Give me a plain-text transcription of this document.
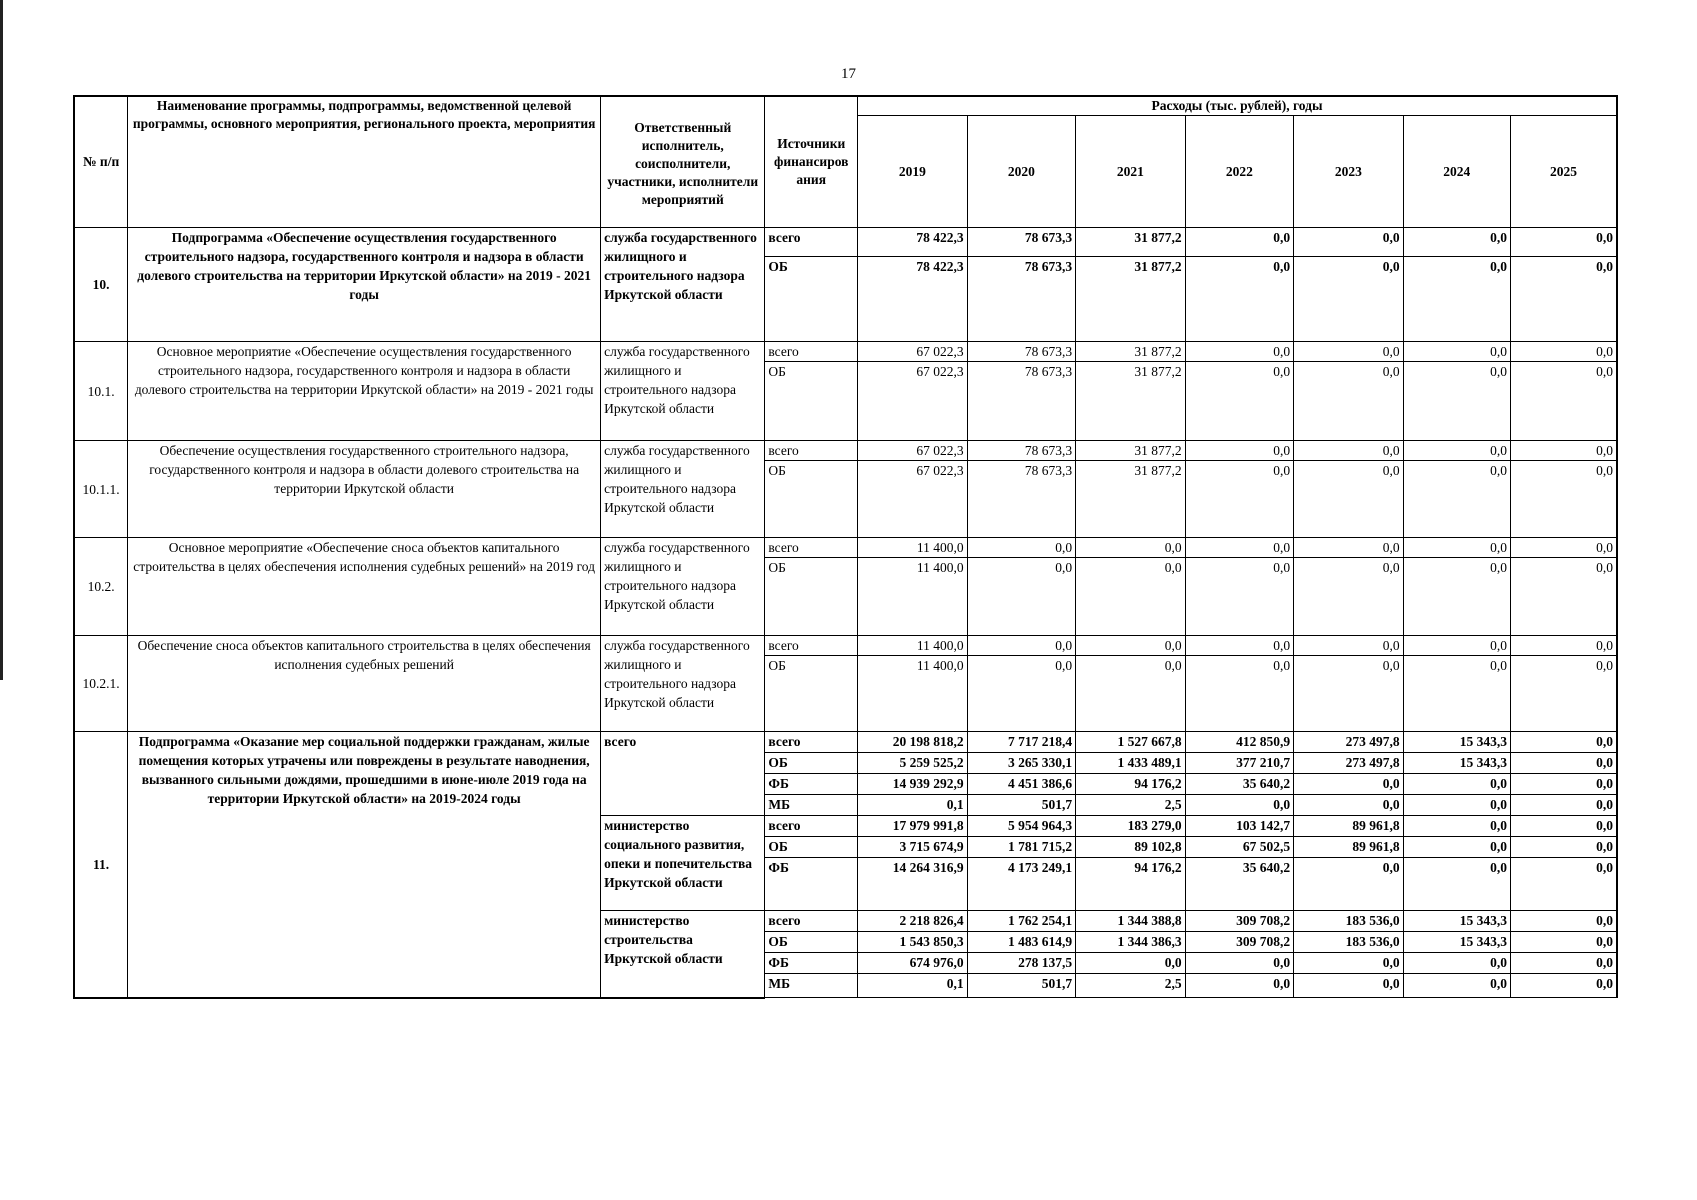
17
№ п/п	Наименование программы, подпрограммы, ведомственной целевой программы, основного мероприятия, регионального проекта, мероприятия	Ответственный исполнитель, соисполнители, участники, исполнители мероприятий	Источники финансиров ания	Расходы (тыс. рублей), годы						
				2019	2020	2021	2022	2023	2024	2025
10.	Подпрограмма «Обеспечение осуществления государственного строительного надзора, государственного контроля и надзора в области долевого строительства на территории Иркутской области» на 2019 - 2021 годы	служба государственного жилищного и строительного надзора Иркутской области	всего	78 422,3	78 673,3	31 877,2	0,0	0,0	0,0	0,0
			ОБ	78 422,3	78 673,3	31 877,2	0,0	0,0	0,0	0,0
10.1.	Основное мероприятие «Обеспечение осуществления государственного строительного надзора, государственного контроля и надзора в области долевого строительства на территории Иркутской области» на 2019 - 2021 годы	служба государственного жилищного и строительного надзора Иркутской области	всего	67 022,3	78 673,3	31 877,2	0,0	0,0	0,0	0,0
			ОБ	67 022,3	78 673,3	31 877,2	0,0	0,0	0,0	0,0
10.1.1.	Обеспечение осуществления государственного строительного надзора, государственного контроля и надзора в области долевого строительства на территории Иркутской области	служба государственного жилищного и строительного надзора Иркутской области	всего	67 022,3	78 673,3	31 877,2	0,0	0,0	0,0	0,0
			ОБ	67 022,3	78 673,3	31 877,2	0,0	0,0	0,0	0,0
10.2.	Основное мероприятие «Обеспечение сноса объектов капитального строительства в целях обеспечения исполнения судебных решений» на 2019 год	служба государственного жилищного и строительного надзора Иркутской области	всего	11 400,0	0,0	0,0	0,0	0,0	0,0	0,0
			ОБ	11 400,0	0,0	0,0	0,0	0,0	0,0	0,0
10.2.1.	Обеспечение сноса объектов капитального строительства в целях обеспечения исполнения судебных решений	служба государственного жилищного и строительного надзора Иркутской области	всего	11 400,0	0,0	0,0	0,0	0,0	0,0	0,0
			ОБ	11 400,0	0,0	0,0	0,0	0,0	0,0	0,0
11.	Подпрограмма «Оказание мер социальной поддержки гражданам, жилые помещения которых утрачены или повреждены в результате наводнения, вызванного сильными дождями, прошедшими в июне-июле 2019 года на территории Иркутской области» на 2019-2024 годы	всего	всего	20 198 818,2	7 717 218,4	1 527 667,8	412 850,9	273 497,8	15 343,3	0,0
			ОБ	5 259 525,2	3 265 330,1	1 433 489,1	377 210,7	273 497,8	15 343,3	0,0
			ФБ	14 939 292,9	4 451 386,6	94 176,2	35 640,2	0,0	0,0	0,0
			МБ	0,1	501,7	2,5	0,0	0,0	0,0	0,0
		министерство социального развития, опеки и попечительства Иркутской области	всего	17 979 991,8	5 954 964,3	183 279,0	103 142,7	89 961,8	0,0	0,0
			ОБ	3 715 674,9	1 781 715,2	89 102,8	67 502,5	89 961,8	0,0	0,0
			ФБ	14 264 316,9	4 173 249,1	94 176,2	35 640,2	0,0	0,0	0,0
		министерство строительства Иркутской области	всего	2 218 826,4	1 762 254,1	1 344 388,8	309 708,2	183 536,0	15 343,3	0,0
			ОБ	1 543 850,3	1 483 614,9	1 344 386,3	309 708,2	183 536,0	15 343,3	0,0
			ФБ	674 976,0	278 137,5	0,0	0,0	0,0	0,0	0,0
			МБ	0,1	501,7	2,5	0,0	0,0	0,0	0,0
